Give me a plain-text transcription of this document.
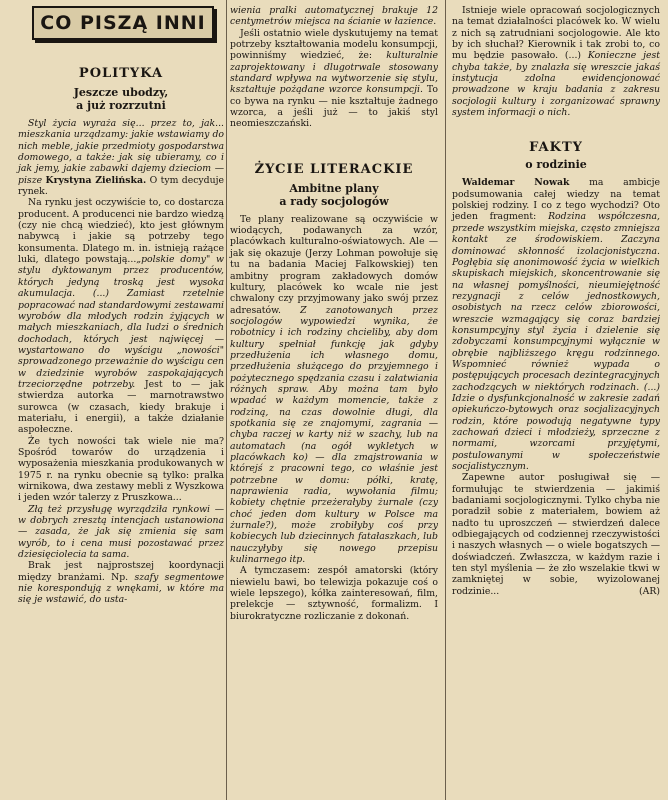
CO PISZĄ INNI

POLITYKA

Jeszcze ubodzy,

a już rozrzutni

Styl życia wyraża się... przez to, jak... mieszkania urządzamy: jakie wstawiamy do nich meble, jakie przedmioty gospodarstwa domowego, a także: jak się ubieramy, co i jak jemy, jakie zabawki dajemy dzieciom — pisze Krystyna Zielińska. O tym decyduje rynek.

Na rynku jest oczywiście to, co dostarcza producent. A producenci nie bardzo wiedzą (czy nie chcą wiedzieć), kto jest głównym nabywcą i jakie są potrzeby tego konsumenta. Dlatego m. in. istnieją rażące luki, dlatego powstają...„polskie domy" w stylu dyktowanym przez producentów, których jedyną troską jest wysoka akumulacja. (...) Zamiast rzetelnie popracować nad standardowymi zestawami wyrobów dla młodych rodzin żyjących w małych mieszkaniach, dla ludzi o średnich dochodach, których jest najwięcej — wystartowano do wyścigu „nowości" sprowadzonego przeważnie do wyścigu cen w dziedzinie wyrobów zaspokajających trzeciorzędne potrzeby. Jest to — jak stwierdza autorka — marnotrawstwo surowca (w czasach, kiedy brakuje i materiału, i energii), a także działanie aspołeczne.

Że tych nowości tak wiele nie ma? Spośród towarów do urządzenia i wyposażenia mieszkania produkowanych w 1975 r. na rynku obecnie są tylko: pralka wirnikowa, dwa zestawy mebli z Wyszkowa i jeden wzór talerzy z Pruszkowa...

Złą też przysługę wyrządziła rynkowi — w dobrych zresztą intencjach ustanowiona — zasada, że jak się zmienia się sam wyrób, to i cena musi pozostawać przez dziesięciolecia ta sama.

Brak jest najprostszej koordynacji między branżami. Np. szafy segmentowe nie korespondują z wnękami, w które ma się je wstawić, do usta-

wienia pralki automatycznej brakuje 12 centymetrów miejsca na ścianie w łazience.

Jeśli ostatnio wiele dyskutujemy na temat potrzeby kształtowania modelu konsumpcji, powinniśmy wiedzieć, że: kulturalnie zaprojektowany i dlugotrwale stosowany standard wpływa na wytworzenie się stylu, kształtuje pożądane wzorce konsumpcji. To co bywa na rynku — nie kształtuje żadnego wzorca, a jeśli już — to jakiś styl neomieszczański.

ŻYCIE LITERACKIE

Ambitne plany

a rady socjologów

Te plany realizowane są oczywiście w wiodących, podawanych za wzór, placówkach kulturalno-oświatowych. Ale — jak się okazuje (Jerzy Lohman powołuje się tu na badania Maciej Falkowskiej) ten ambitny program zakładowych domów kultury, placówek ko wcale nie jest chwalony czy przyjmowany jako swój przez adresatów. Z zanotowanych przez socjologów wypowiedzi wynika, że robotnicy i ich rodziny chcieliby, aby dom kultury spełniał funkcję jak gdyby przedłużenia ich własnego domu, przedłużenia służącego do przyjemnego i pożytecznego spędzania czasu i załatwiania różnych spraw. Aby można tam było wpadać w każdym momencie, także z rodziną, na czas dowolnie długi, dla spotkania się ze znajomymi, zagrania — chyba raczej w karty niż w szachy, lub na automatach (na ogół wykletych w placówkach ko) — dla zmajstrowania w którejś z pracowni tego, co właśnie jest potrzebne w domu: półki, kratę, naprawienia radia, wywołania filmu; kobiety chętnie przeżerałyby żurnale (czy choć jeden dom kultury w Polsce ma żurnale?), może zrobiłyby coś przy kobiecych lub dziecinnych fatałaszkach, lub nauczyłyby się nowego przepisu kulinarnego itp.

A tymczasem: zespół amatorski (który niewielu bawi, bo telewizja pokazuje coś o wiele lepszego), kółka zainteresowań, film, prelekcje — sztywność, formalizm. I biurokratyczne rozliczanie z dokonań.

Istnieje wiele opracowań socjologicznych na temat działalności placówek ko. W wielu z nich są zatrudniani socjologowie. Ale kto by ich słuchał? Kierownik i tak zrobi to, co mu będzie pasowało. (...) Konieczne jest chyba także, by znalazła się wreszcie jakaś instytucja zdolna ewidencjonować prowadzone w kraju badania z zakresu socjologii kultury i zorganizować sprawny system informacji o nich.

FAKTY

o rodzinie

Waldemar Nowak ma ambicje podsumowania całej wiedzy na temat polskiej rodziny. I co z tego wychodzi? Oto jeden fragment: Rodzina współczesna, przede wszystkim miejska, często zmniejsza kontakt ze środowiskiem. Zaczyna dominować skłonność izolacjonistyczna. Pogłębia się anonimowość życia w wielkich skupiskach miejskich, skoncentrowanie się na własnej pomyślności, nieumiejętność rezygnacji z celów jednostkowych, osobistych na rzecz celów zbiorowości, wreszcie wzmagający się coraz bardziej konsumpcyjny styl życia i dzielenie się zdobyczami konsumpcyjnymi wyłącznie w obrębie najbliższego kręgu rodzinnego. Wspomnieć również wypada o postępujących procesach dezintegracyjnych zachodzących w niektórych rodzinach. (...) Idzie o dysfunkcjonalność w zakresie zadań opiekuńczo-bytowych oraz socjalizacyjnych rodzin, które powodują negatywne typy zachowań dzieci i młodzieży, sprzeczne z normami, wzorcami przyjętymi, postulowanymi w społeczeństwie socjalistycznym.

Zapewne autor posługiwał się — formułując te stwierdzenia — jakimiś badaniami socjologicznymi. Tylko chyba nie poradził sobie z materiałem, bowiem aż nadto tu uproszczeń — stwierdzeń dalece odbiegających od codziennej rzeczywistości i naszych własnych — o wiele bogatszych — doświadczeń. Zwłaszcza, w każdym razie i ten styl myślenia — że zło wszelakie tkwi w zamkniętej w sobie, wyizolowanej rodzinie...	(AR)
